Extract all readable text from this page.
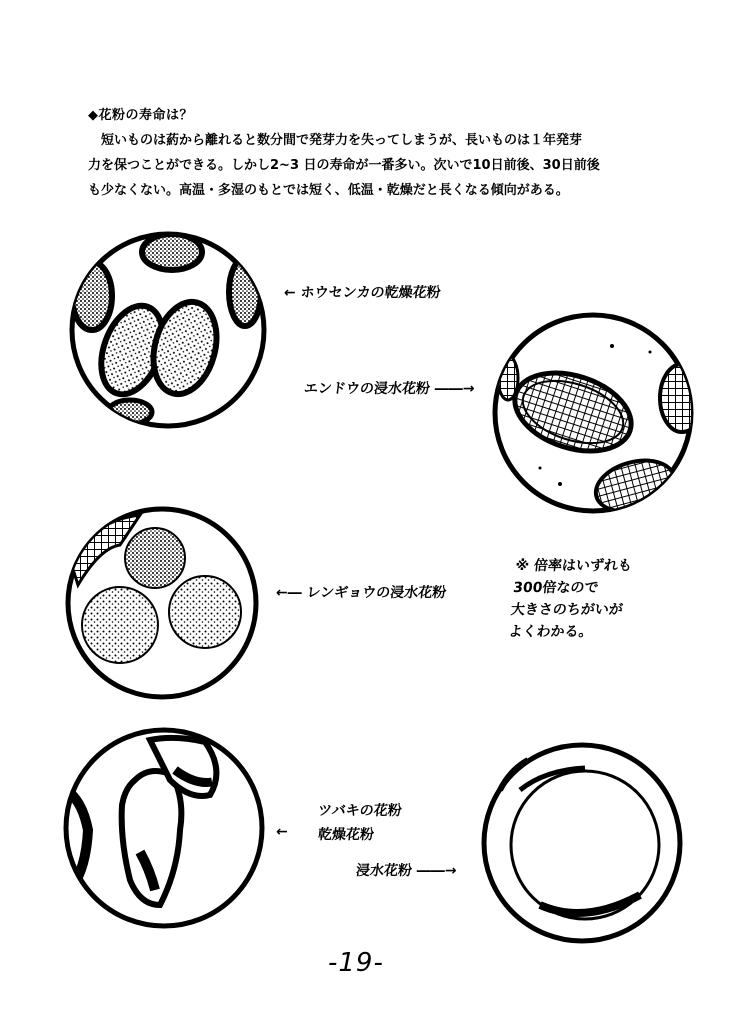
◆花粉の寿命は？

　短いものは葯から離れると数分間で発芽力を失ってしまうが、長いものは１年発芽
力を保つことができる。しかし2~3 日の寿命が一番多い。次いで10日前後、30日前後
も少なくない。高温・多湿のもとでは短く、低温・乾燥だと長くなる傾向がある。

← ホウセンカの乾燥花粉
エンドウの浸水花粉 ――→
←― レンギョウの浸水花粉
※ 倍率はいずれも
300倍なので
大きさのちがいが
よくわかる。
ツバキの花粉
← 乾燥花粉
浸水花粉 ――→
-19-
